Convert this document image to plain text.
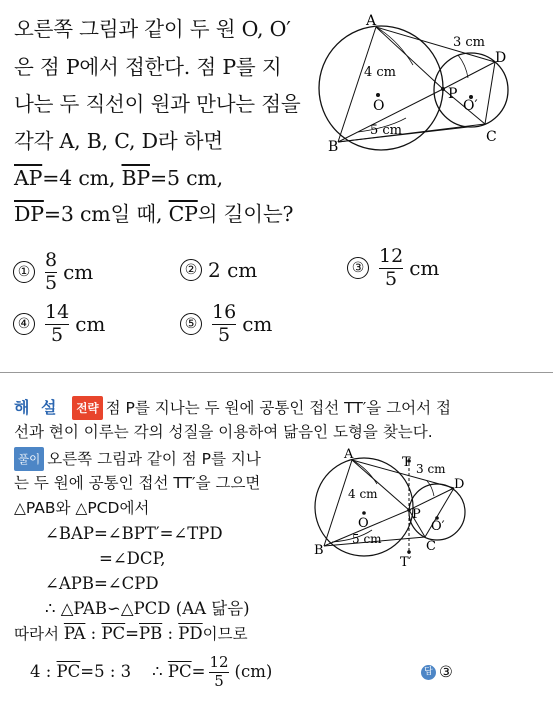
오른쪽 그림과 같이 두 원 O, O′
은 점 P에서 접한다. 점 P를 지
나는 두 직선이 원과 만나는 점을
각각 A, B, C, D라 하면
$\overline{AP}=4$ cm, $\overline{BP}=5$ cm,
$\overline{DP}=3$ cm일 때, $\overline{CP}$의 길이는?
A
B
C
D
P
O	O′
4 cm
5 cm
3 cm
① $\frac{8}{5}$ cm	② 2 cm	③ $\frac{12}{5}$ cm
④ $\frac{14}{5}$ cm	⑤ $\frac{16}{5}$ cm
해 설 전략 점 P를 지나는 두 원에 공통인 접선 TT′을 그어서 접
선과 현이 이루는 각의 성질을 이용하여 닮음인 도형을 찾는다.
풀이 오른쪽 그림과 같이 점 P를 지나
는 두 원에 공통인 접선 TT′을 그으면
△PAB와 △PCD에서
∠BAP=∠BPT′=∠TPD
=∠DCP,
∠APB=∠CPD
∴ △PAB∽△PCD (AA 닮음)
따라서 $\overline{PA}$ : $\overline{PC}=\overline{PB}$ : $\overline{PD}$이므로
4 : $\overline{PC} =5$ : 3    ∴ $\overline{PC} = \frac{12}{5} (cm)$	답 ③
A
B	C
D
P
O	O′
T
T′
4 cm
5 cm
3 cm
